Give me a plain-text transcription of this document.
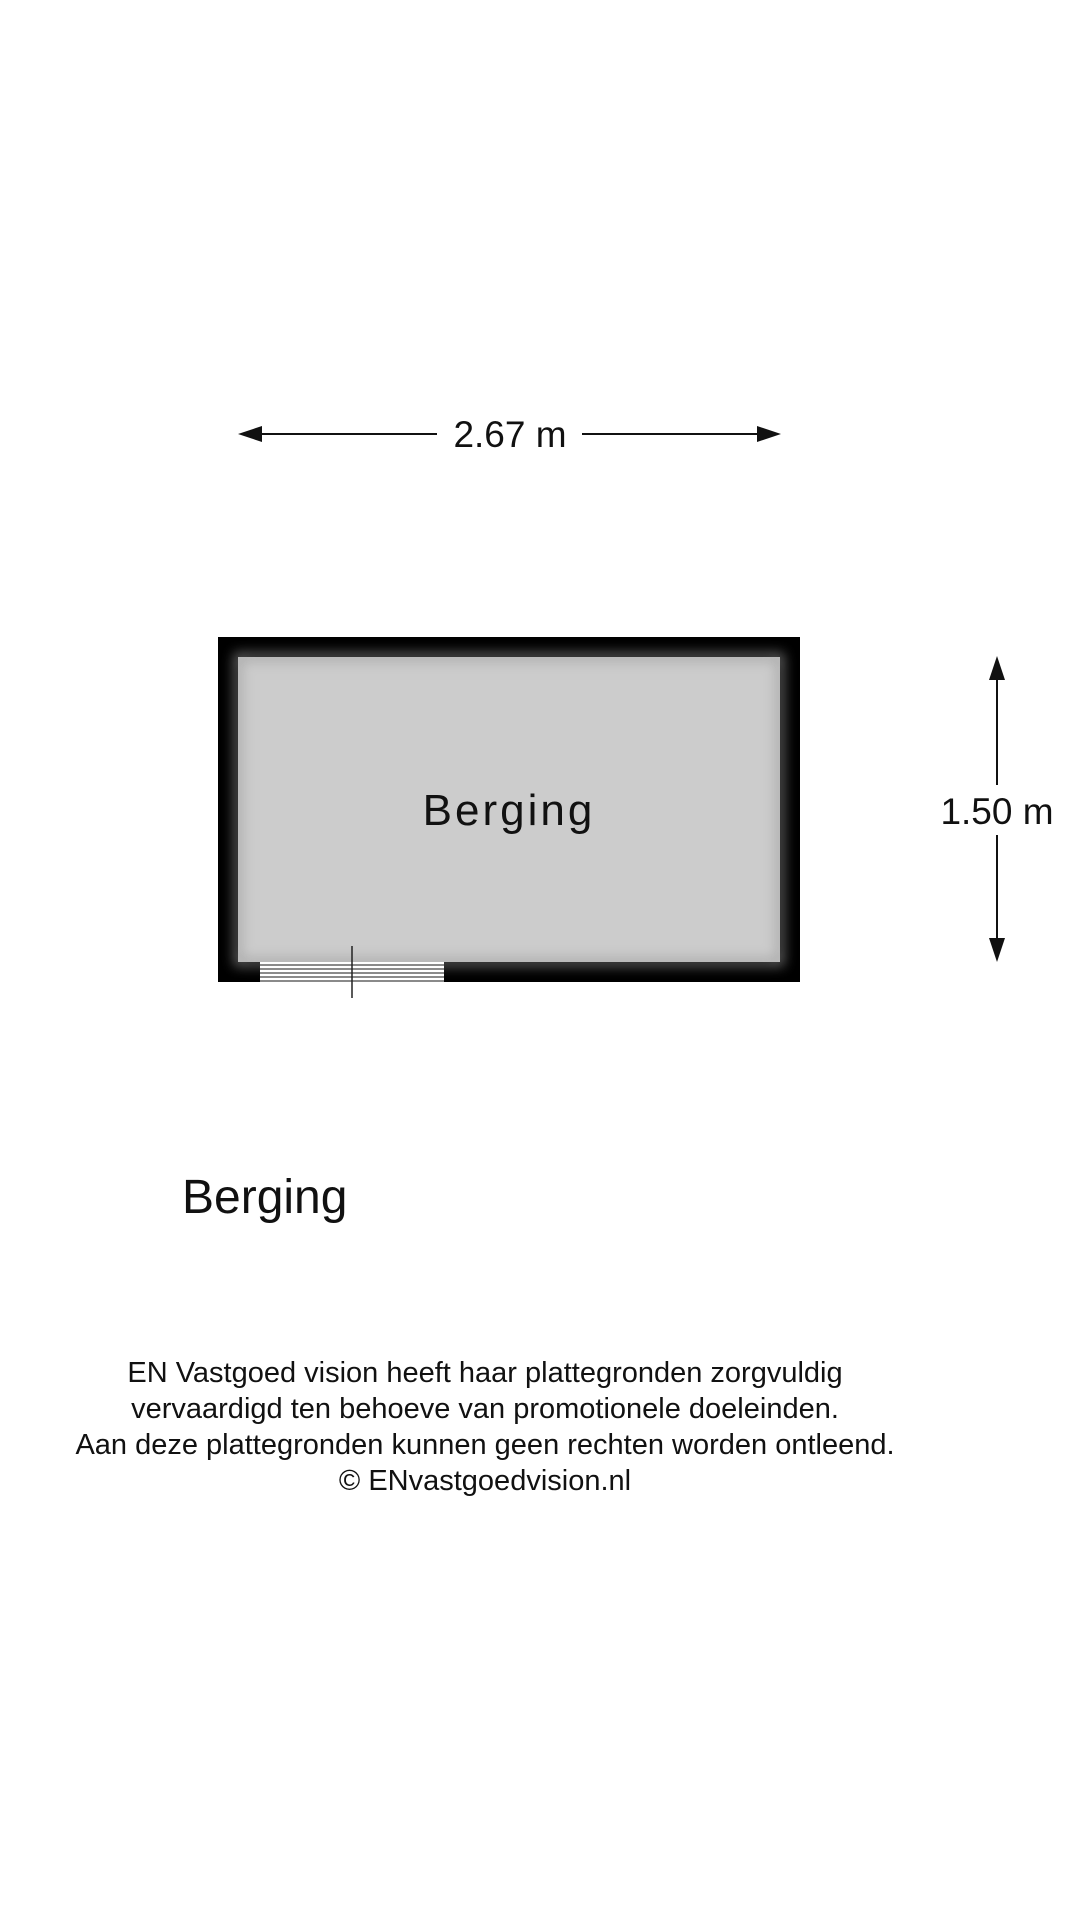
2.67 m
Berging	1.50 m
Berging
EN Vastgoed vision heeft haar plattegronden zorgvuldig
vervaardigd ten behoeve van promotionele doeleinden.
Aan deze plattegronden kunnen geen rechten worden ontleend.
© ENvastgoedvision.nl
